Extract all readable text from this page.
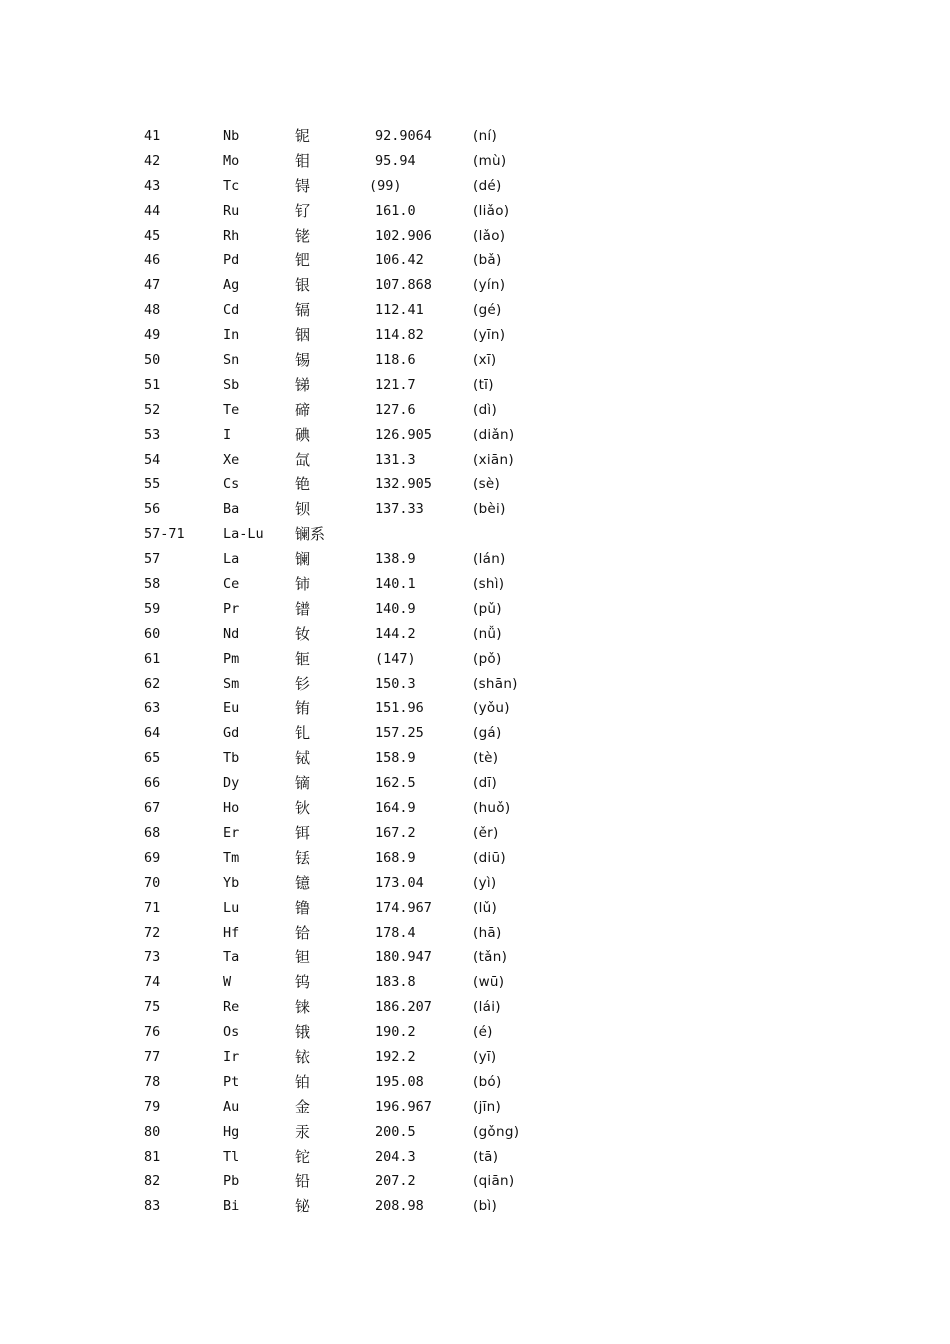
41	Nb	铌	92.9064	(ní)
42	Mo	钼	95.94	(mù)
43	Tc	锝	(99)	(dé)
44	Ru	钌	161.0	(liǎo)
45	Rh	铑	102.906	(lǎo)
46	Pd	钯	106.42	(bǎ)
47	Ag	银	107.868	(yín)
48	Cd	镉	112.41	(gé)
49	In	铟	114.82	(yīn)
50	Sn	锡	118.6	(xī)
51	Sb	锑	121.7	(tī)
52	Te	碲	127.6	(dì)
53	I	碘	126.905	(diǎn)
54	Xe	氙	131.3	(xiān)
55	Cs	铯	132.905	(sè)
56	Ba	钡	137.33	(bèi)
57-71	La-Lu 镧系
57	La	镧	138.9	(lán)
58	Ce	铈	140.1	(shì)
59	Pr	镨	140.9	(pǔ)
60	Nd	钕	144.2	(nǚ)
61	Pm	钷	(147)	(pǒ)
62	Sm	钐	150.3	(shān)
63	Eu	铕	151.96	(yǒu)
64	Gd	钆	157.25	(gá)
65	Tb	铽	158.9	(tè)
66	Dy	镝	162.5	(dī)
67	Ho	钬	164.9	(huǒ)
68	Er	铒	167.2	(ěr)
69	Tm	铥	168.9	(diū)
70	Yb	镱	173.04	(yì)
71	Lu	镥	174.967	(lǔ)
72	Hf	铪	178.4	(hā)
73	Ta	钽	180.947	(tǎn)
74	W	钨	183.8	(wū)
75	Re	铼	186.207	(lái)
76	Os	锇	190.2	(é)
77	Ir	铱	192.2	(yī)
78	Pt	铂	195.08	(bó)
79	Au	金	196.967	(jīn)
80	Hg	汞	200.5	(gǒng)
81	Tl	铊	204.3	(tā)
82	Pb	铅	207.2	(qiān)
83	Bi	铋	208.98	(bì)
